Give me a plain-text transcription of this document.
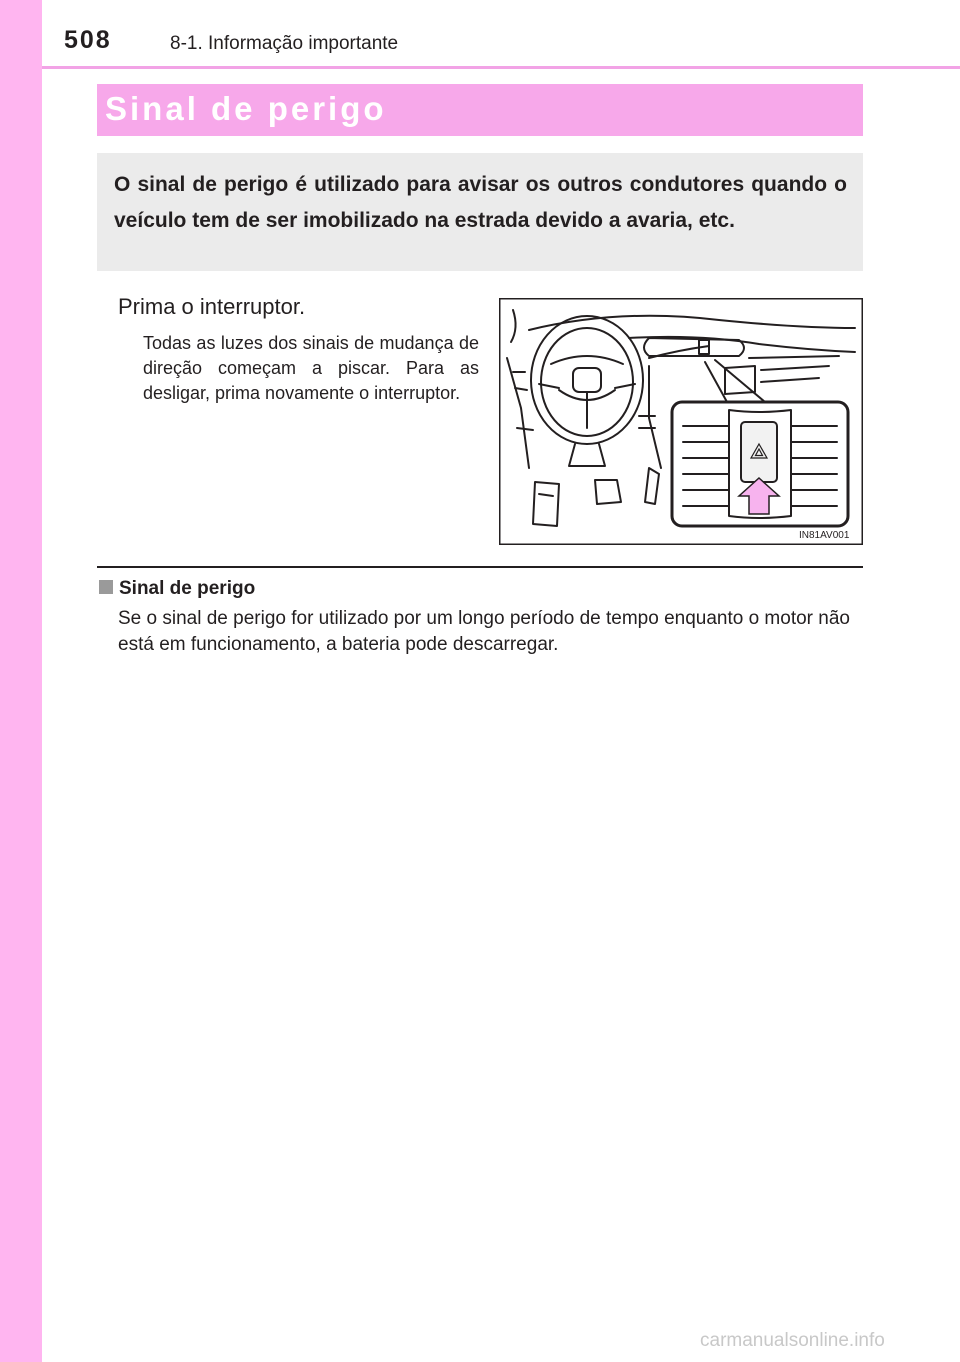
508	8-1. Informação importante
Sinal de perigo

O sinal de perigo é utilizado para avisar os outros condutores quando o veículo tem de ser imobilizado na estrada devido a avaria, etc.

Prima o interruptor.

Todas as luzes dos sinais de mudança de direção começam a piscar. Para as desligar, prima novamente o interruptor.

IN81AV001
Sinal de perigo

Se o sinal de perigo for utilizado por um longo período de tempo enquanto o motor não está em funcionamento, a bateria pode descarregar.

carmanualsonline.info
